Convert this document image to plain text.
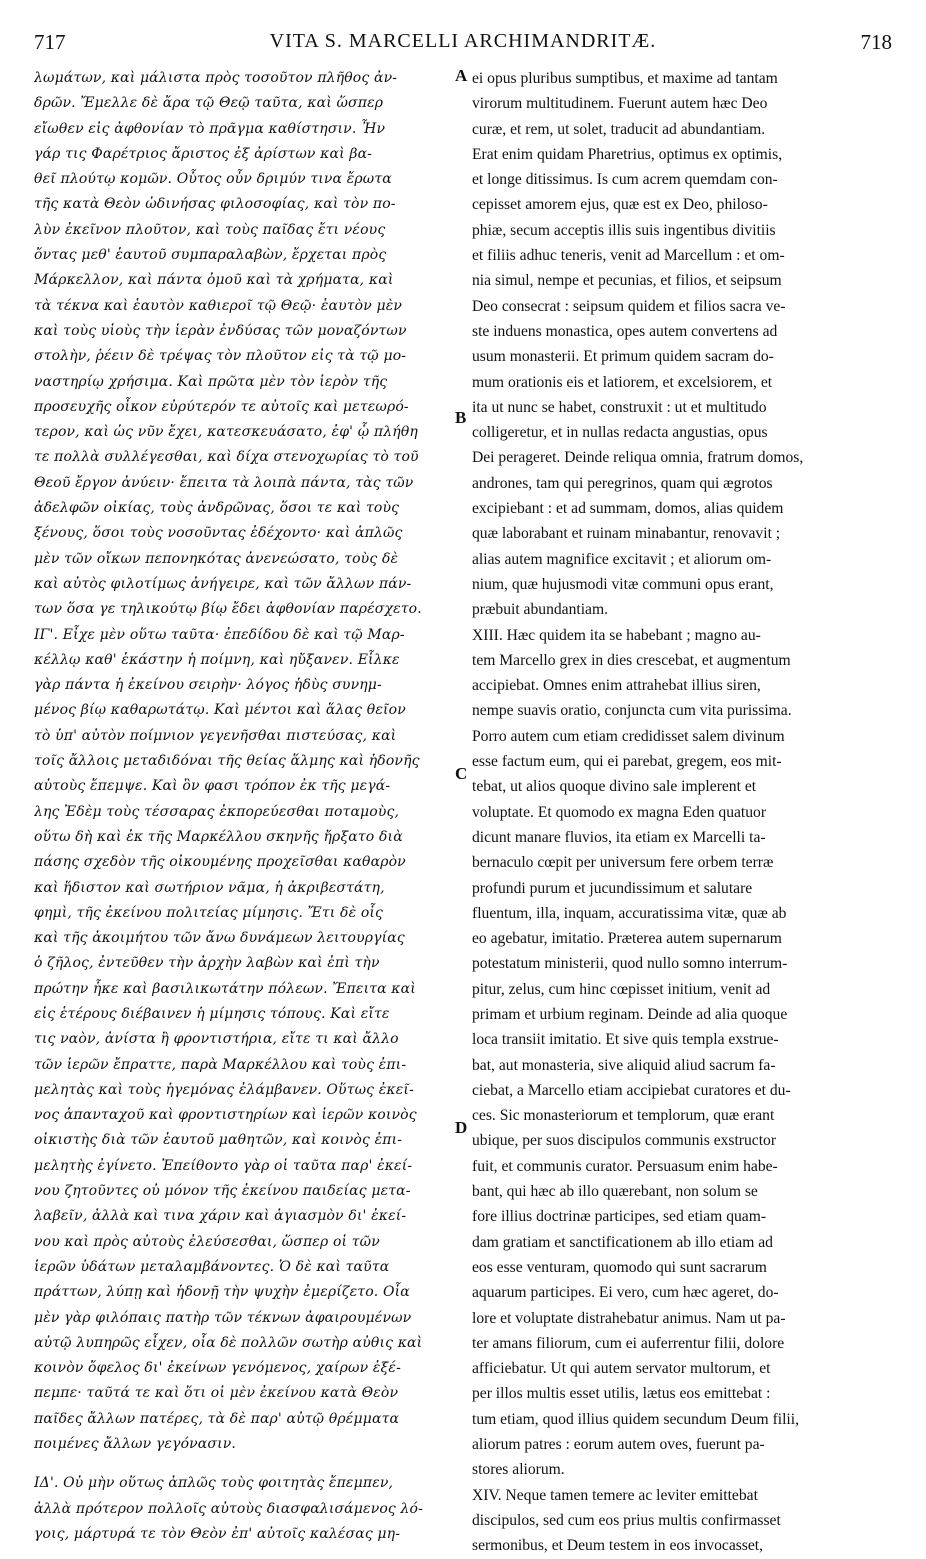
717	VITA S. MARCELLI ARCHIMANDRITÆ.	718
λωμάτων, καὶ μάλιστα πρὸς τοσοῦτον πλῆθος ἀν-
δρῶν. Ἔμελλε δὲ ἄρα τῷ Θεῷ ταῦτα, καὶ ὥσπερ
εἴωθεν εἰς ἀφθονίαν τὸ πρᾶγμα καθίστησιν. Ἦν
γάρ τις Φαρέτριος ἄριστος ἐξ ἀρίστων καὶ βα-
θεῖ πλούτῳ κομῶν. Οὗτος οὖν δριμύν τινα ἔρωτα
τῆς κατὰ Θεὸν ὠδινήσας φιλοσοφίας, καὶ τὸν πο-
λὺν ἐκεῖνον πλοῦτον, καὶ τοὺς παῖδας ἔτι νέους
ὄντας μεθ' ἑαυτοῦ συμπαραλαβὼν, ἔρχεται πρὸς
Μάρκελλον, καὶ πάντα ὁμοῦ καὶ τὰ χρήματα, καὶ
τὰ τέκνα καὶ ἑαυτὸν καθιεροῖ τῷ Θεῷ· ἑαυτὸν μὲν
καὶ τοὺς υἱοὺς τὴν ἱερὰν ἐνδύσας τῶν μοναζόντων
στολὴν, ῥέειν δὲ τρέψας τὸν πλοῦτον εἰς τὰ τῷ μο-
ναστηρίῳ χρήσιμα. Καὶ πρῶτα μὲν τὸν ἱερὸν τῆς
προσευχῆς οἶκον εὐρύτερόν τε αὐτοῖς καὶ μετεωρό-
τερον, καὶ ὡς νῦν ἔχει, κατεσκευάσατο, ἐφ' ᾧ πλήθη
τε πολλὰ συλλέγεσθαι, καὶ δίχα στενοχωρίας τὸ τοῦ
Θεοῦ ἔργον ἀνύειν· ἔπειτα τὰ λοιπὰ πάντα, τὰς τῶν
ἀδελφῶν οἰκίας, τοὺς ἀνδρῶνας, ὅσοι τε καὶ τοὺς
ξένους, ὅσοι τοὺς νοσοῦντας ἐδέχοντο· καὶ ἁπλῶς
μὲν τῶν οἴκων πεπονηκότας ἀνενεώσατο, τοὺς δὲ
καὶ αὐτὸς φιλοτίμως ἀνήγειρε, καὶ τῶν ἄλλων πάν-
των ὅσα γε τηλικούτῳ βίῳ ἔδει ἀφθονίαν παρέσχετο.
ΙΓ'. Εἶχε μὲν οὕτω ταῦτα· ἐπεδίδου δὲ καὶ τῷ Μαρ-
κέλλῳ καθ' ἑκάστην ἡ ποίμνη, καὶ ηὔξανεν. Εἷλκε
γὰρ πάντα ἡ ἐκείνου σειρὴν· λόγος ἡδὺς συνημ-
μένος βίῳ καθαρωτάτῳ. Καὶ μέντοι καὶ ἅλας θεῖον
τὸ ὑπ' αὐτὸν ποίμνιον γεγενῆσθαι πιστεύσας, καὶ
τοῖς ἄλλοις μεταδιδόναι τῆς θείας ἅλμης καὶ ἡδονῆς
αὐτοὺς ἔπεμψε. Καὶ ὃν φασι τρόπον ἐκ τῆς μεγά-
λης Ἐδὲμ τοὺς τέσσαρας ἐκπορεύεσθαι ποταμοὺς,
οὕτω δὴ καὶ ἐκ τῆς Μαρκέλλου σκηνῆς ἤρξατο διὰ
πάσης σχεδὸν τῆς οἰκουμένης προχεῖσθαι καθαρὸν
καὶ ἥδιστον καὶ σωτήριον νᾶμα, ἡ ἀκριβεστάτη,
φημὶ, τῆς ἐκείνου πολιτείας μίμησις. Ἔτι δὲ οἷς
καὶ τῆς ἀκοιμήτου τῶν ἄνω δυνάμεων λειτουργίας
ὁ ζῆλος, ἐντεῦθεν τὴν ἀρχὴν λαβὼν καὶ ἐπὶ τὴν
πρώτην ἧκε καὶ βασιλικωτάτην πόλεων. Ἔπειτα καὶ
εἰς ἑτέρους διέβαινεν ἡ μίμησις τόπους. Καὶ εἴτε
τις ναὸν, ἀνίστα ἢ φροντιστήρια, εἴτε τι καὶ ἄλλο
τῶν ἱερῶν ἔπραττε, παρὰ Μαρκέλλου καὶ τοὺς ἐπι-
μελητὰς καὶ τοὺς ἡγεμόνας ἐλάμβανεν. Οὕτως ἐκεῖ-
νος ἁπανταχοῦ καὶ φροντιστηρίων καὶ ἱερῶν κοινὸς
οἰκιστὴς διὰ τῶν ἑαυτοῦ μαθητῶν, καὶ κοινὸς ἐπι-
μελητὴς ἐγίνετο. Ἐπείθοντο γὰρ οἱ ταῦτα παρ' ἐκεί-
νου ζητοῦντες οὐ μόνον τῆς ἐκείνου παιδείας μετα-
λαβεῖν, ἀλλὰ καὶ τινα χάριν καὶ ἁγιασμὸν δι' ἐκεί-
νου καὶ πρὸς αὐτοὺς ἐλεύσεσθαι, ὥσπερ οἱ τῶν
ἱερῶν ὑδάτων μεταλαμβάνοντες. Ὁ δὲ καὶ ταῦτα
πράττων, λύπῃ καὶ ἡδονῇ τὴν ψυχὴν ἐμερίζετο. Οἷα
μὲν γὰρ φιλόπαις πατὴρ τῶν τέκνων ἀφαιρουμένων
αὐτῷ λυπηρῶς εἶχεν, οἷα δὲ πολλῶν σωτὴρ αὐθις καὶ
κοινὸν ὄφελος δι' ἐκείνων γενόμενος, χαίρων ἐξέ-
πεμπε· ταῦτά τε καὶ ὅτι οἱ μὲν ἐκείνου κατὰ Θεὸν
παῖδες ἄλλων πατέρες, τὰ δὲ παρ' αὐτῷ θρέμματα
ποιμένες ἄλλων γεγόνασιν.
ΙΔ'. Οὐ μὴν οὕτως ἁπλῶς τοὺς φοιτητὰς ἔπεμπεν,
ἀλλὰ πρότερον πολλοῖς αὐτοὺς διασφαλισάμενος λό-
γοις, μάρτυρά τε τὸν Θεὸν ἐπ' αὐτοῖς καλέσας μη-
ei opus pluribus sumptibus, et maxime ad tantam
virorum multitudinem. Fuerunt autem hæc Deo
curæ, et rem, ut solet, traducit ad abundantiam.
Erat enim quidam Pharetrius, optimus ex optimis,
et longe ditissimus. Is cum acrem quemdam con-
cepisset amorem ejus, quæ est ex Deo, philoso-
phiæ, secum acceptis illis suis ingentibus divitiis
et filiis adhuc teneris, venit ad Marcellum : et om-
nia simul, nempe et pecunias, et filios, et seipsum
Deo consecrat : seipsum quidem et filios sacra ve-
ste induens monastica, opes autem convertens ad
usum monasterii. Et primum quidem sacram do-
mum orationis eis et latiorem, et excelsiorem, et
ita ut nunc se habet, construxit : ut et multitudo
colligeretur, et in nullas redacta angustias, opus
Dei perageret. Deinde reliqua omnia, fratrum domos,
andrones, tam qui peregrinos, quam qui ægrotos
excipiebant : et ad summam, domos, alias quidem
quæ laborabant et ruinam minabantur, renovavit ;
alias autem magnifice excitavit ; et aliorum om-
nium, quæ hujusmodi vitæ communi opus erant,
præbuit abundantiam.
XIII. Hæc quidem ita se habebant ; magno au-
tem Marcello grex in dies crescebat, et augmentum
accipiebat. Omnes enim attrahebat illius siren,
nempe suavis oratio, conjuncta cum vita purissima.
Porro autem cum etiam credidisset salem divinum
esse factum eum, qui ei parebat, gregem, eos mit-
tebat, ut alios quoque divino sale implerent et
voluptate. Et quomodo ex magna Eden quatuor
dicunt manare fluvios, ita etiam ex Marcelli ta-
bernaculo cœpit per universum fere orbem terræ
profundi purum et jucundissimum et salutare
fluentum, illa, inquam, accuratissima vitæ, quæ ab
eo agebatur, imitatio. Præterea autem supernarum
potestatum ministerii, quod nullo somno interrum-
pitur, zelus, cum hinc cœpisset initium, venit ad
primam et urbium reginam. Deinde ad alia quoque
loca transiit imitatio. Et sive quis templa exstrue-
bat, aut monasteria, sive aliquid aliud sacrum fa-
ciebat, a Marcello etiam accipiebat curatores et du-
ces. Sic monasteriorum et templorum, quæ erant
ubique, per suos discipulos communis exstructor
fuit, et communis curator. Persuasum enim habe-
bant, qui hæc ab illo quærebant, non solum se
fore illius doctrinæ participes, sed etiam quam-
dam gratiam et sanctificationem ab illo etiam ad
eos esse venturam, quomodo qui sunt sacrarum
aquarum participes. Ei vero, cum hæc ageret, do-
lore et voluptate distrahebatur animus. Nam ut pa-
ter amans filiorum, cum ei auferrentur filii, dolore
afficiebatur. Ut qui autem servator multorum, et
per illos multis esset utilis, lætus eos emittebat :
tum etiam, quod illius quidem secundum Deum filii,
aliorum patres : eorum autem oves, fuerunt pa-
stores aliorum.
XIV. Neque tamen temere ac leviter emittebat
discipulos, sed cum eos prius multis confirmasset
sermonibus, et Deum testem in eos invocasset,
A
B
C
D
